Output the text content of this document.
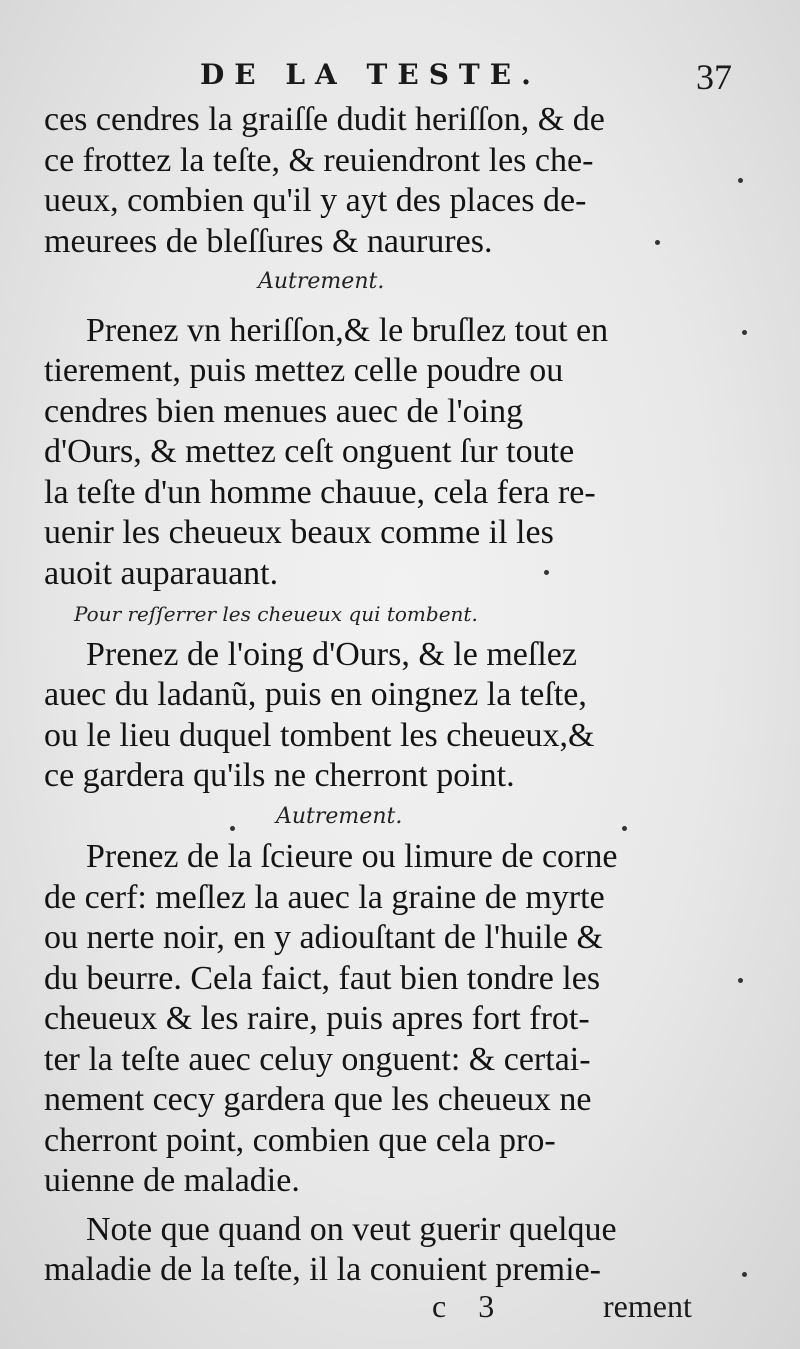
DE LA TESTE.	37
ces cendres la graiſſe dudit heriſſon, & de
ce frottez la teſte, & reuiendront les che-
ueux, combien qu'il y ayt des places de-
meurees de bleſſures & naurures.
Autrement.
Prenez vn heriſſon,& le bruſlez tout en
tierement, puis mettez celle poudre ou
cendres bien menues auec de l'oing
d'Ours, & mettez ceſt onguent ſur toute
la teſte d'un homme chauue, cela fera re-
uenir les cheueux beaux comme il les
auoit auparauant.
Pour reſſerrer les cheueux qui tombent.
Prenez de l'oing d'Ours, & le meſlez
auec du ladanũ, puis en oingnez la teſte,
ou le lieu duquel tombent les cheueux,&
ce gardera qu'ils ne cherront point.
Autrement.
Prenez de la ſcieure ou limure de corne
de cerf: meſlez la auec la graine de myrte
ou nerte noir, en y adiouſtant de l'huile &
du beurre. Cela faict, faut bien tondre les
cheueux & les raire, puis apres fort frot-
ter la teſte auec celuy onguent: & certai-
nement cecy gardera que les cheueux ne
cherront point, combien que cela pro-
uienne de maladie.
Note que quand on veut guerir quelque
maladie de la teſte, il la conuient premie-
c 3	rement
